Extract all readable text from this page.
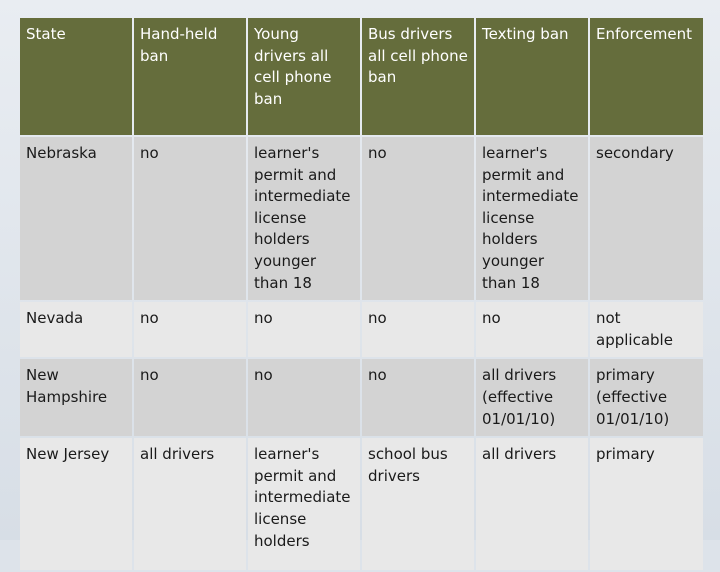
State	Hand-held ban	Young drivers all cell phone ban	Bus drivers all cell phone ban	Texting ban	Enforcement
Nebraska	no	learner's permit and intermediate license holders younger than 18	no	learner's permit and intermediate license holders younger than 18	secondary
Nevada	no	no	no	no	not applicable
New Hampshire	no	no	no	all drivers (effective 01/01/10)	primary (effective 01/01/10)
New Jersey	all drivers	learner's permit and intermediate license holders	school bus drivers	all drivers	primary
